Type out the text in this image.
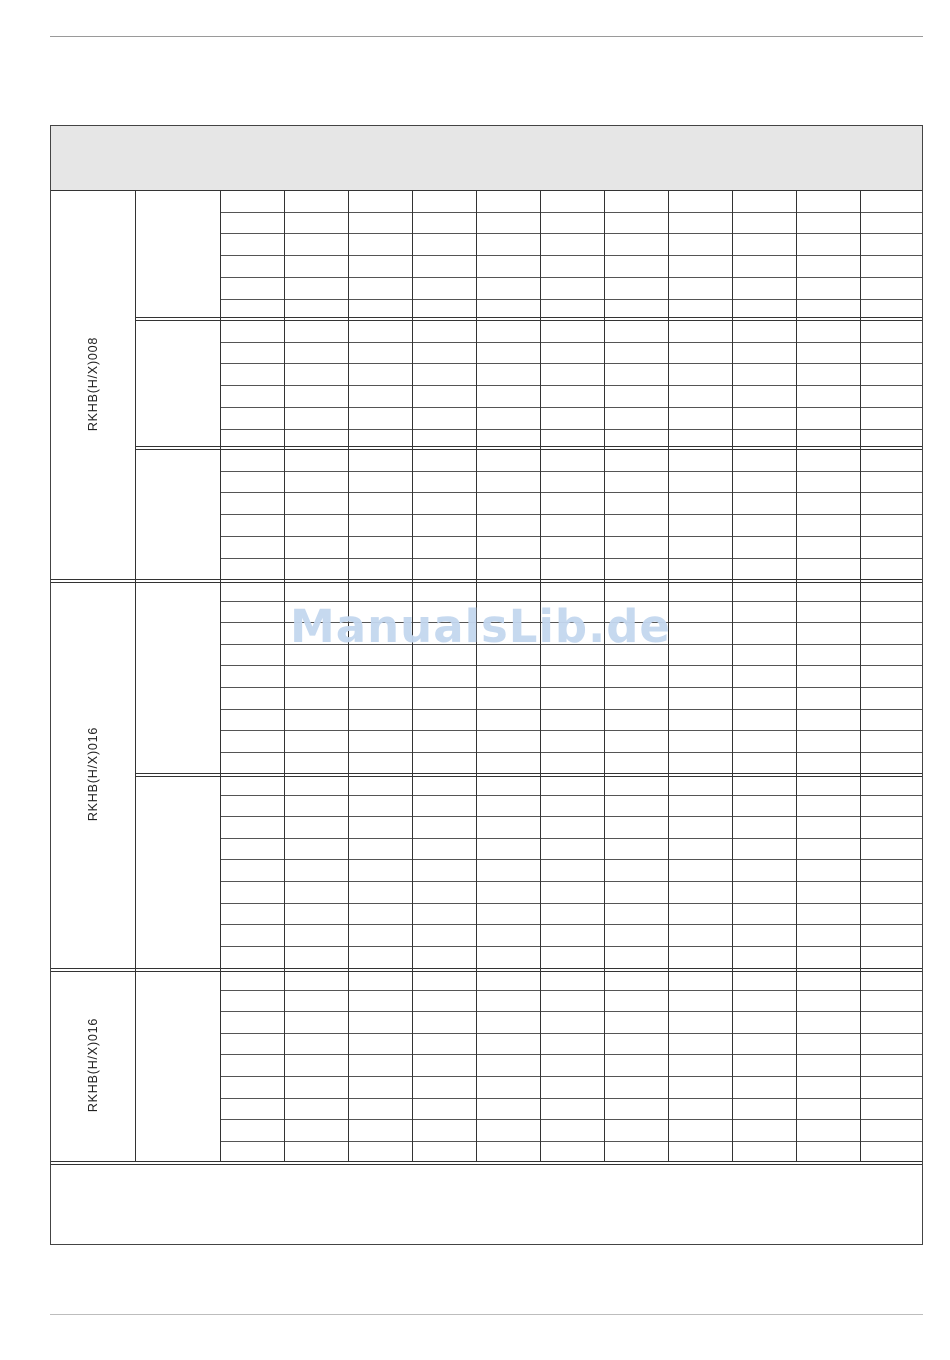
RKHB(H/X)008
RKHB(H/X)016
RKHB(H/X)016
ManualsLib.de
